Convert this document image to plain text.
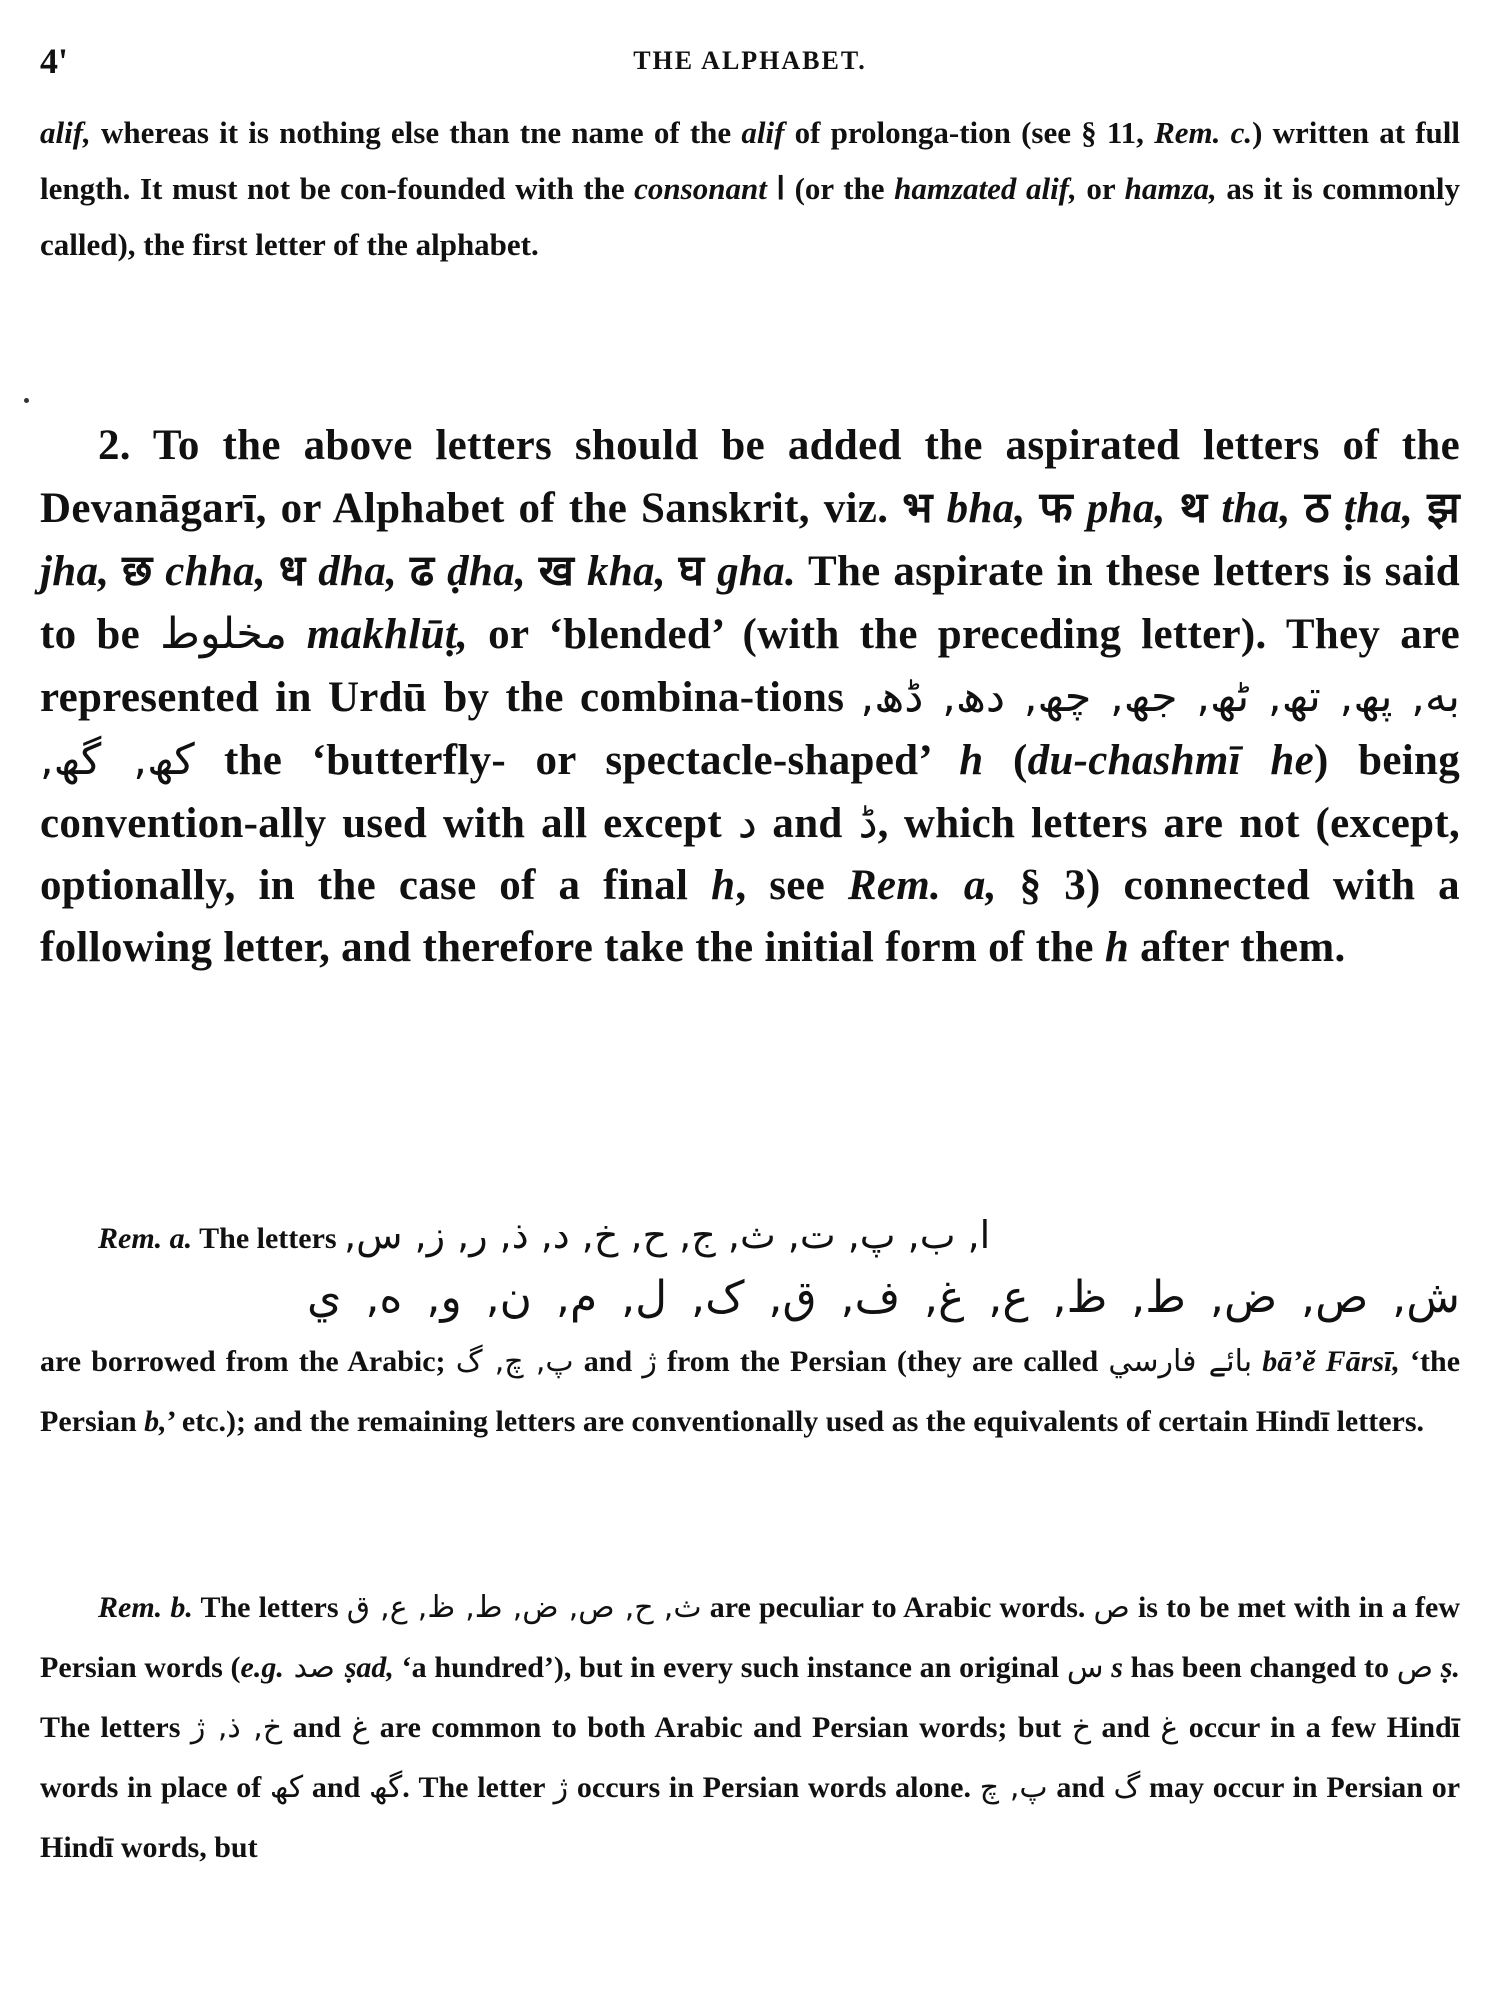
4'	THE ALPHABET.
alif, whereas it is nothing else than tne name of the alif of prolonga-tion (see § 11, Rem. c.) written at full length. It must not be con-founded with the consonant ا (or the hamzated alif, or hamza, as it is commonly called), the first letter of the alphabet.
2. To the above letters should be added the aspirated letters of the Devanāgarī, or Alphabet of the Sanskrit, viz. भ bha, फ pha, थ tha, ठ ṭha, झ jha, छ chha, ध dha, ढ ḍha, ख kha, घ gha. The aspirate in these letters is said to be مخلوط makhlūṭ, or ‘blended’ (with the preceding letter). They are represented in Urdū by the combina-tions به, پھ, تھ, ٹھ, جھ, چھ, دھ, ڈھ, کھ, گھ, the ‘butterfly- or spectacle-shaped’ h (du-chashmī he) being convention-ally used with all except د and ڈ, which letters are not (except, optionally, in the case of a final h, see Rem. a, § 3) connected with a following letter, and therefore take the initial form of the h after them.
Rem. a. The letters ا, ب, پ, ت, ث, ج, ح, خ, د, ذ, ر, ز, س,
ش, ص, ض, ط, ظ, ع, غ, ف, ق, ک, ل, م, ن, و, ه, ي
are borrowed from the Arabic; پ, چ, گ and ژ from the Persian (they are called بائے فارسي bā’ĕ Fārsī, ‘the Persian b,’ etc.); and the remaining letters are conventionally used as the equivalents of certain Hindī letters.
Rem. b. The letters ث, ح, ص, ض, ط, ظ, ع, ق are peculiar to Arabic words. ص is to be met with in a few Persian words (e.g. صد ṣad, ‘a hundred’), but in every such instance an original س s has been changed to ص ṣ. The letters خ, ذ, ژ and غ are common to both Arabic and Persian words; but خ and غ occur in a few Hindī words in place of کھ and گھ. The letter ژ occurs in Persian words alone. پ, چ and گ may occur in Persian or Hindī words, but
